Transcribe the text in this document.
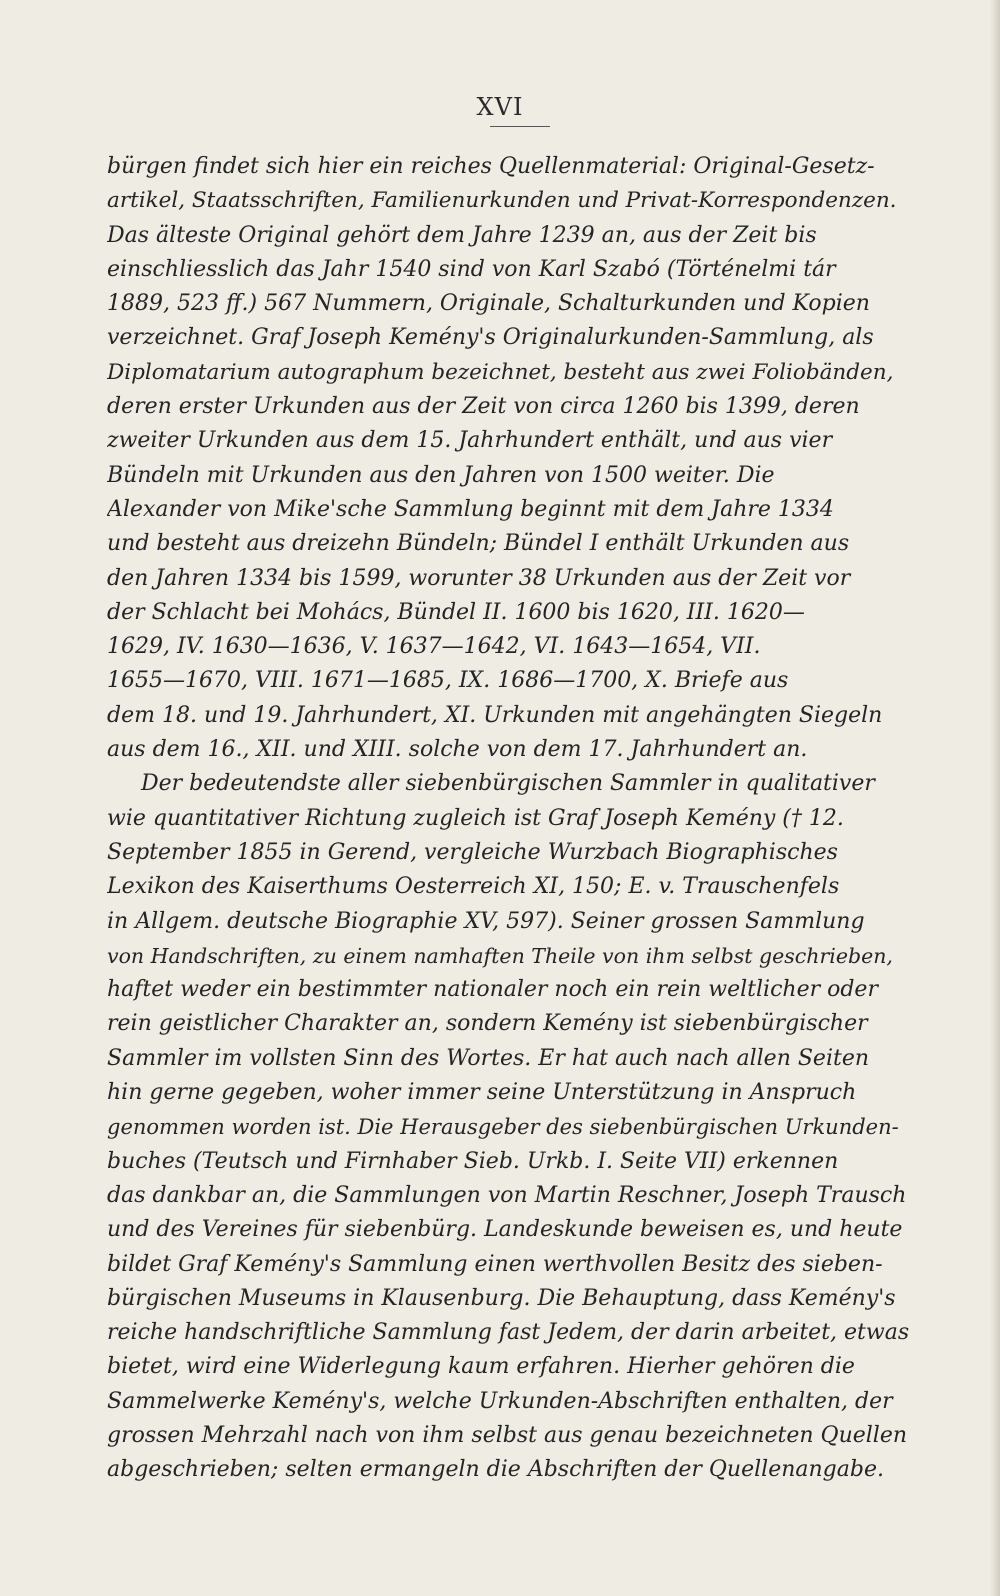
XVI
bürgen findet sich hier ein reiches Quellenmaterial: Original-Gesetz-
artikel, Staatsschriften, Familienurkunden und Privat-Korrespondenzen.
Das älteste Original gehört dem Jahre 1239 an, aus der Zeit bis
einschliesslich das Jahr 1540 sind von Karl Szabó (Történelmi tár
1889, 523 ff.) 567 Nummern, Originale, Schalturkunden und Kopien
verzeichnet. Graf Joseph Kemény's Originalurkunden-Sammlung, als
Diplomatarium autographum bezeichnet, besteht aus zwei Foliobänden,
deren erster Urkunden aus der Zeit von circa 1260 bis 1399, deren
zweiter Urkunden aus dem 15. Jahrhundert enthält, und aus vier
Bündeln mit Urkunden aus den Jahren von 1500 weiter. Die
Alexander von Mike'sche Sammlung beginnt mit dem Jahre 1334
und besteht aus dreizehn Bündeln; Bündel I enthält Urkunden aus
den Jahren 1334 bis 1599, worunter 38 Urkunden aus der Zeit vor
der Schlacht bei Mohács, Bündel II. 1600 bis 1620, III. 1620—
1629, IV. 1630—1636, V. 1637—1642, VI. 1643—1654, VII.
1655—1670, VIII. 1671—1685, IX. 1686—1700, X. Briefe aus
dem 18. und 19. Jahrhundert, XI. Urkunden mit angehängten Siegeln
aus dem 16., XII. und XIII. solche von dem 17. Jahrhundert an.
Der bedeutendste aller siebenbürgischen Sammler in qualitativer
wie quantitativer Richtung zugleich ist Graf Joseph Kemény († 12.
September 1855 in Gerend, vergleiche Wurzbach Biographisches
Lexikon des Kaiserthums Oesterreich XI, 150; E. v. Trauschenfels
in Allgem. deutsche Biographie XV, 597). Seiner grossen Sammlung
von Handschriften, zu einem namhaften Theile von ihm selbst geschrieben,
haftet weder ein bestimmter nationaler noch ein rein weltlicher oder
rein geistlicher Charakter an, sondern Kemény ist siebenbürgischer
Sammler im vollsten Sinn des Wortes. Er hat auch nach allen Seiten
hin gerne gegeben, woher immer seine Unterstützung in Anspruch
genommen worden ist. Die Herausgeber des siebenbürgischen Urkunden-
buches (Teutsch und Firnhaber Sieb. Urkb. I. Seite VII) erkennen
das dankbar an, die Sammlungen von Martin Reschner, Joseph Trausch
und des Vereines für siebenbürg. Landeskunde beweisen es, und heute
bildet Graf Kemény's Sammlung einen werthvollen Besitz des sieben-
bürgischen Museums in Klausenburg. Die Behauptung, dass Kemény's
reiche handschriftliche Sammlung fast Jedem, der darin arbeitet, etwas
bietet, wird eine Widerlegung kaum erfahren. Hierher gehören die
Sammelwerke Kemény's, welche Urkunden-Abschriften enthalten, der
grossen Mehrzahl nach von ihm selbst aus genau bezeichneten Quellen
abgeschrieben; selten ermangeln die Abschriften der Quellenangabe.
